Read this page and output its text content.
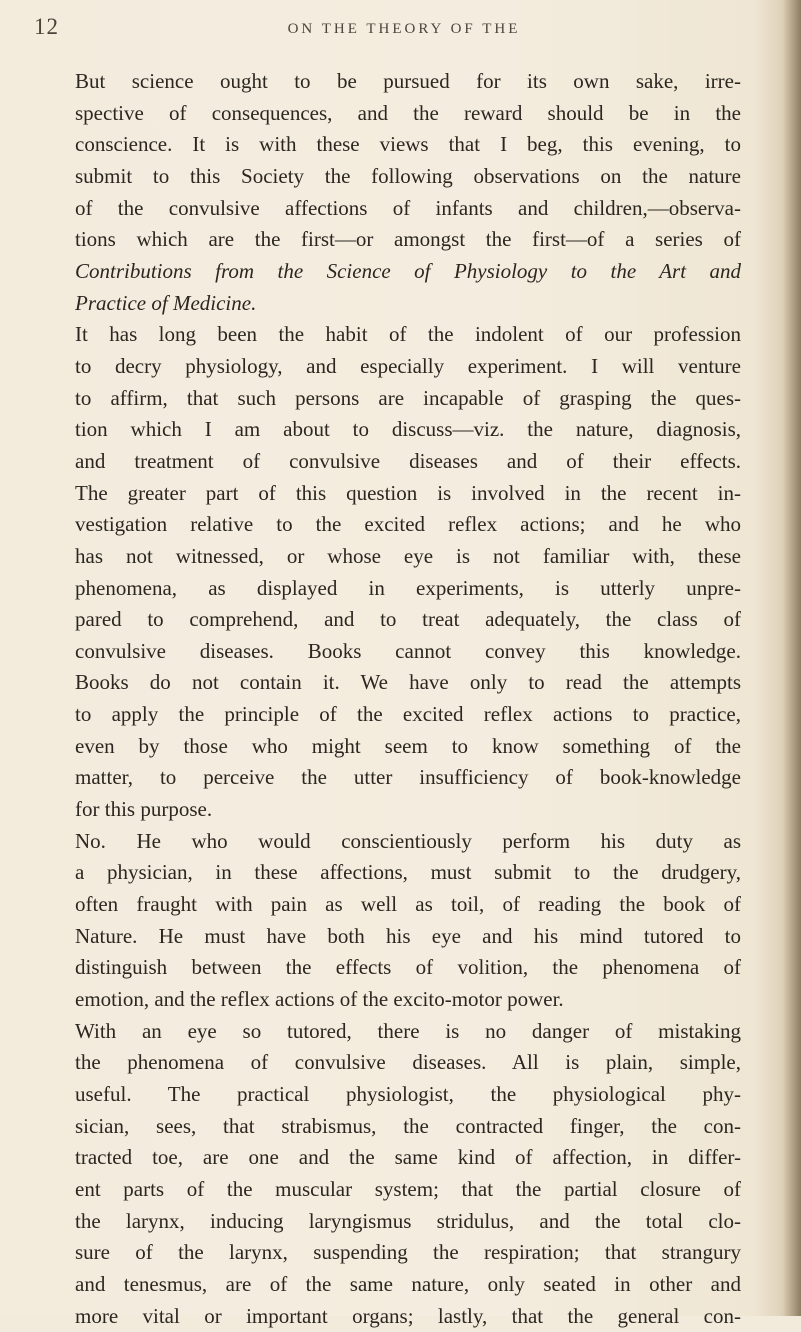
12	ON THE THEORY OF THE

But science ought to be pursued for its own sake, irre-
spective of consequences, and the reward should be in the
conscience. It is with these views that I beg, this evening, to
submit to this Society the following observations on the nature
of the convulsive affections of infants and children,—observa-
tions which are the first—or amongst the first—of a series of
Contributions from the Science of Physiology to the Art and
Practice of Medicine.

It has long been the habit of the indolent of our profession
to decry physiology, and especially experiment. I will venture
to affirm, that such persons are incapable of grasping the ques-
tion which I am about to discuss—viz. the nature, diagnosis,
and treatment of convulsive diseases and of their effects.
The greater part of this question is involved in the recent in-
vestigation relative to the excited reflex actions; and he who
has not witnessed, or whose eye is not familiar with, these
phenomena, as displayed in experiments, is utterly unpre-
pared to comprehend, and to treat adequately, the class of
convulsive diseases. Books cannot convey this knowledge.
Books do not contain it. We have only to read the attempts
to apply the principle of the excited reflex actions to practice,
even by those who might seem to know something of the
matter, to perceive the utter insufficiency of book-knowledge
for this purpose.

No. He who would conscientiously perform his duty as
a physician, in these affections, must submit to the drudgery,
often fraught with pain as well as toil, of reading the book of
Nature. He must have both his eye and his mind tutored to
distinguish between the effects of volition, the phenomena of
emotion, and the reflex actions of the excito-motor power.

With an eye so tutored, there is no danger of mistaking
the phenomena of convulsive diseases. All is plain, simple,
useful. The practical physiologist, the physiological phy-
sician, sees, that strabismus, the contracted finger, the con-
tracted toe, are one and the same kind of affection, in differ-
ent parts of the muscular system; that the partial closure of
the larynx, inducing laryngismus stridulus, and the total clo-
sure of the larynx, suspending the respiration; that strangury
and tenesmus, are of the same nature, only seated in other and
more vital or important organs; lastly, that the general con-
